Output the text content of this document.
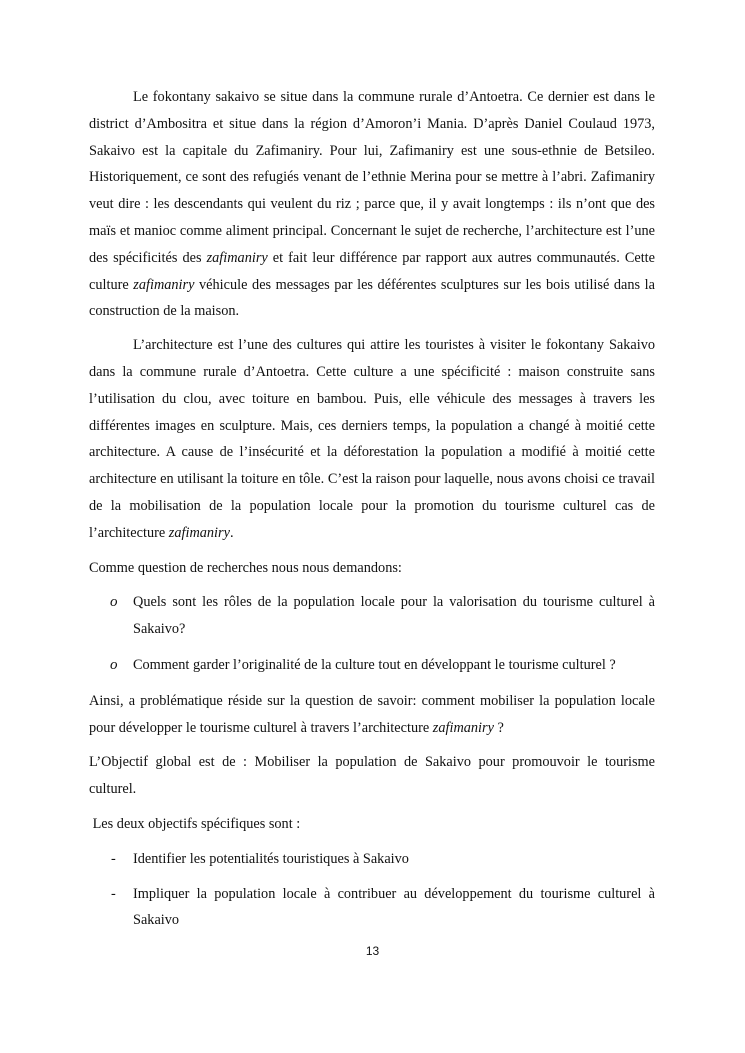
Le fokontany sakaivo se situe dans la commune rurale d’Antoetra. Ce dernier est dans le district d’Ambositra et situe dans la région d’Amoron’i Mania. D’après Daniel Coulaud 1973, Sakaivo est la capitale du Zafimaniry. Pour lui, Zafimaniry est une sous-ethnie de Betsileo. Historiquement, ce sont des refugiés venant de l’ethnie Merina pour se mettre à l’abri. Zafimaniry veut dire : les descendants qui veulent du riz ; parce que, il y avait longtemps : ils n’ont que des maïs et manioc comme aliment principal. Concernant le sujet de recherche, l’architecture est l’une des spécificités des zafimaniry et fait leur différence par rapport aux autres communautés. Cette culture zafimaniry véhicule des messages par les déférentes sculptures sur les bois utilisé dans la construction de la maison.

L’architecture est l’une des cultures qui attire les touristes à visiter le fokontany Sakaivo dans la commune rurale d’Antoetra. Cette culture a une spécificité : maison construite sans l’utilisation du clou, avec toiture en bambou. Puis, elle véhicule des messages à travers les différentes images en sculpture. Mais, ces derniers temps, la population a changé à moitié cette architecture. A cause de l’insécurité et la déforestation la population a modifié à moitié cette architecture en utilisant la toiture en tôle. C’est la raison pour laquelle, nous avons choisi ce travail de la mobilisation de la population locale pour la promotion du tourisme culturel cas de l’architecture zafimaniry.

Comme question de recherches nous nous demandons:

o Quels sont les rôles de la population locale pour la valorisation du tourisme culturel à Sakaivo?
o Comment garder l’originalité de la culture tout en développant le tourisme culturel ?

Ainsi, a problématique réside sur la question de savoir: comment mobiliser la population locale pour développer le tourisme culturel à travers l’architecture zafimaniry ?

L’Objectif global est de : Mobiliser la population de Sakaivo pour promouvoir le tourisme culturel.

Les deux objectifs spécifiques sont :

- Identifier les potentialités touristiques à Sakaivo
- Impliquer la population locale à contribuer au développement du tourisme culturel à Sakaivo
13
